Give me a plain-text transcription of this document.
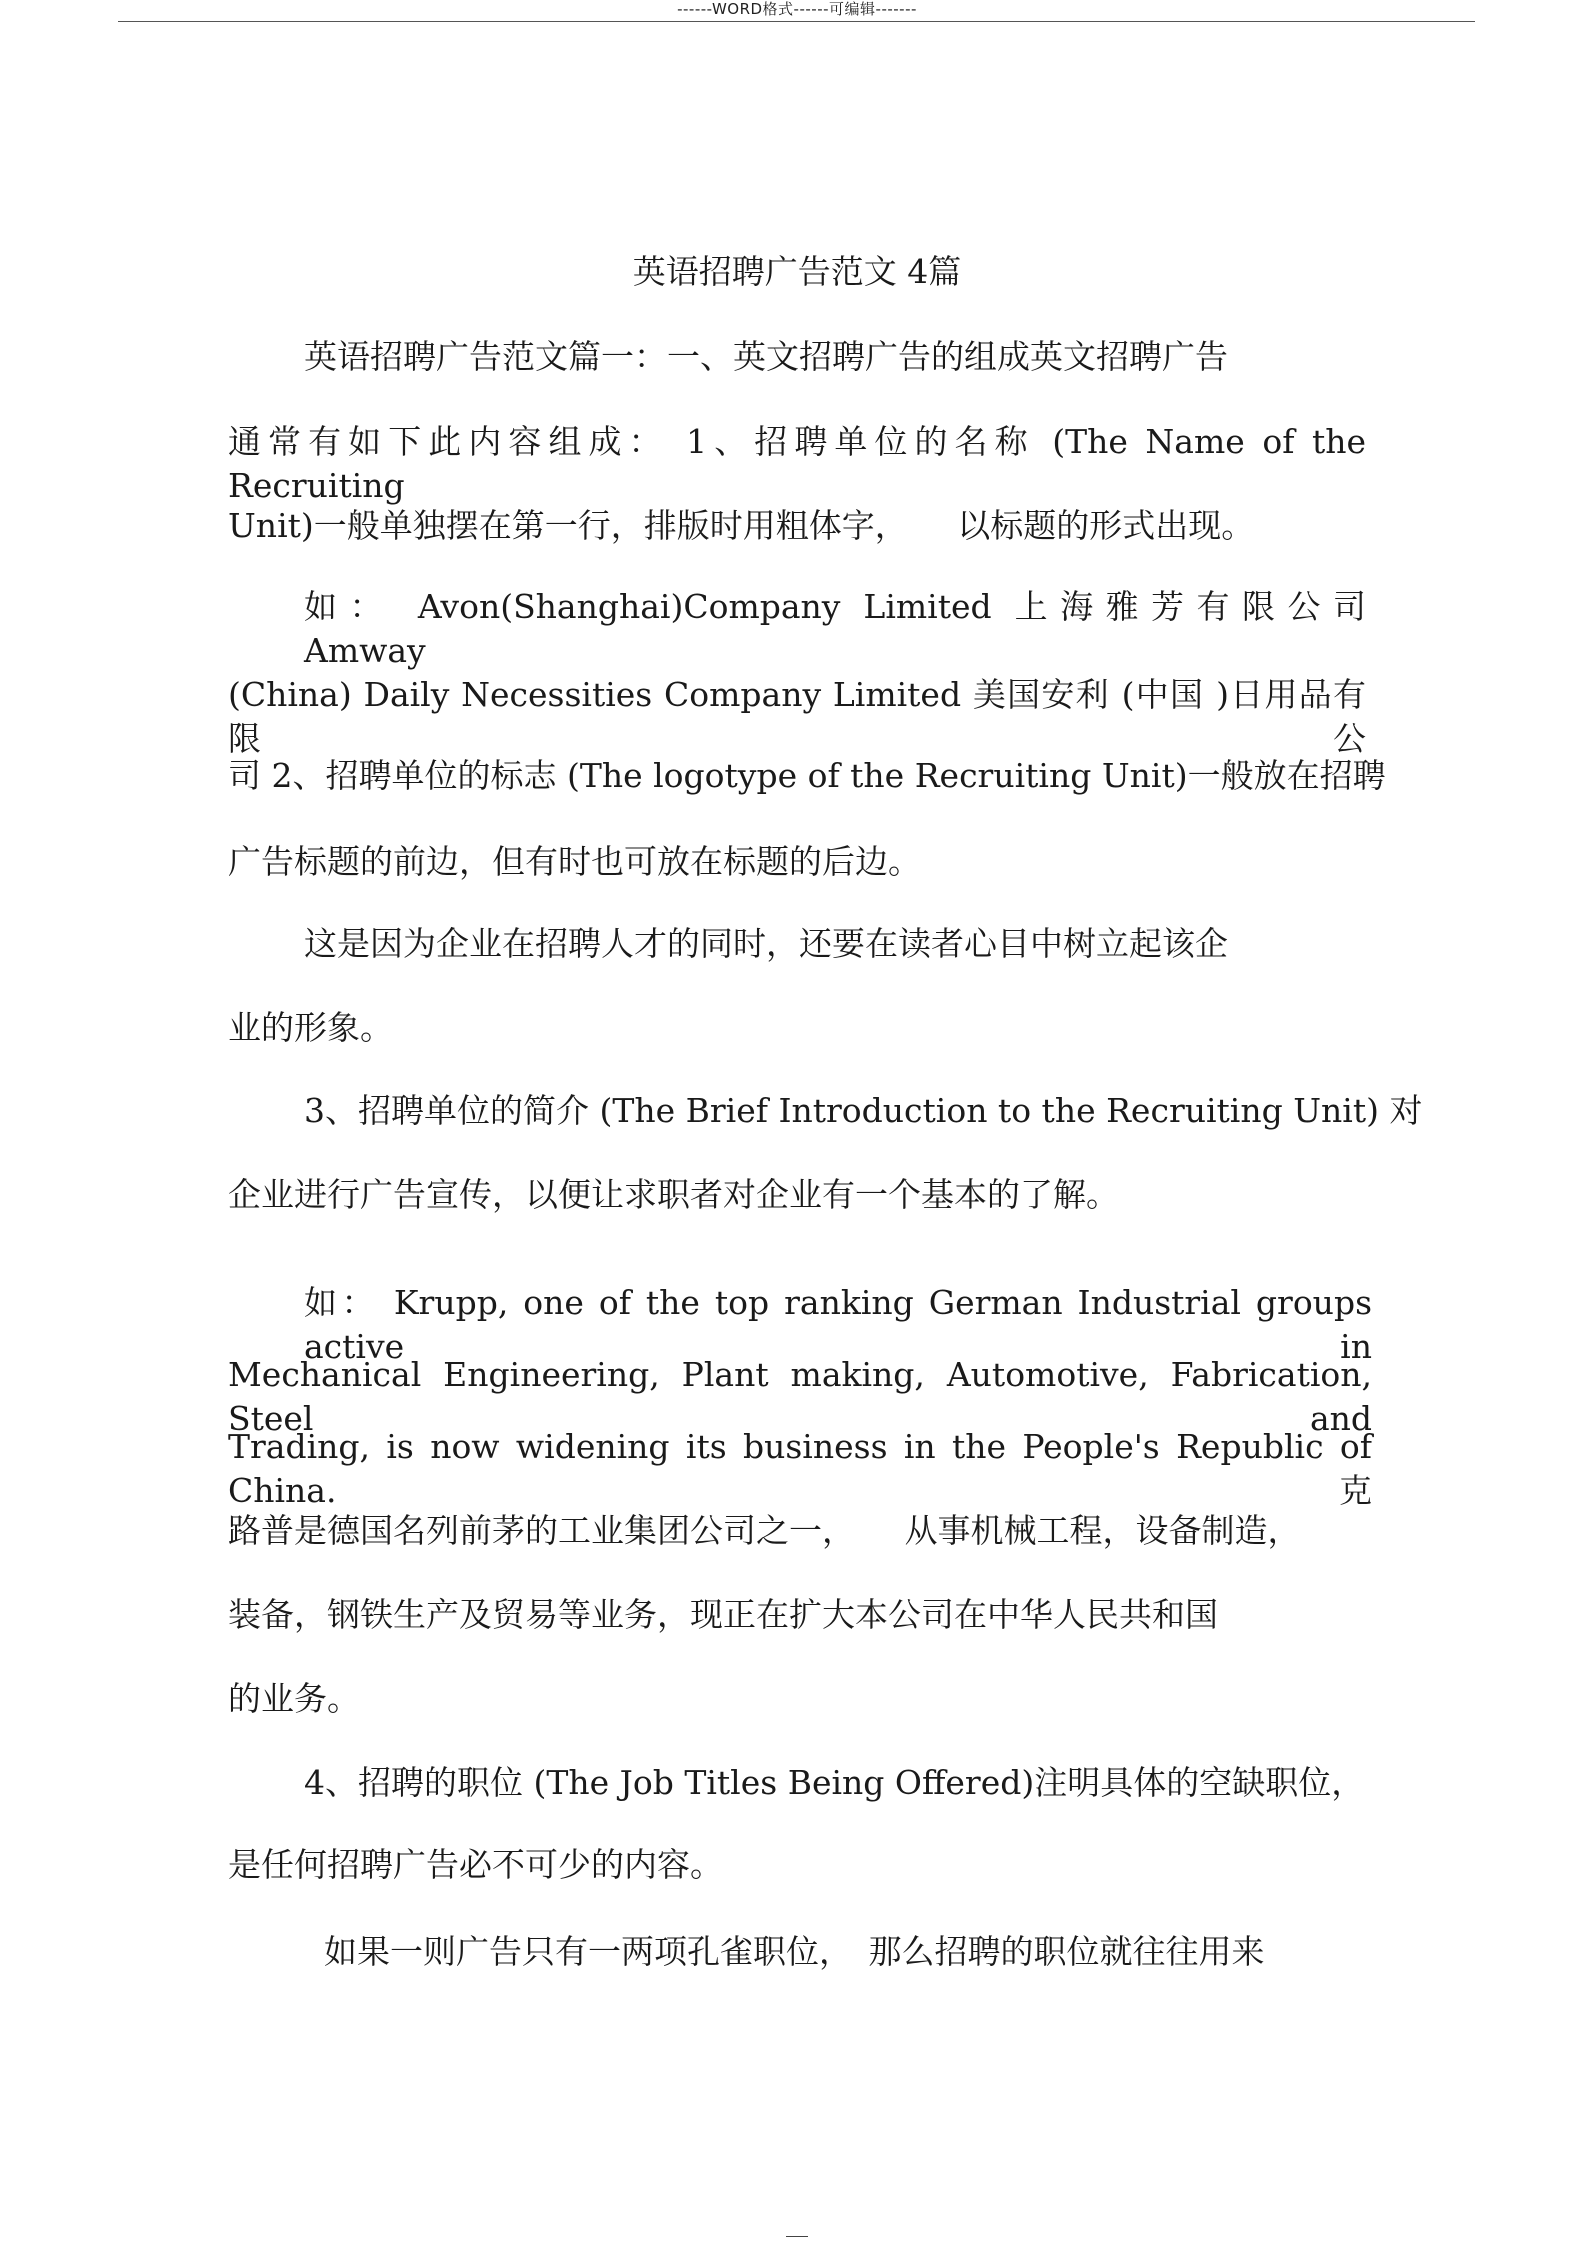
------WORD格式------可编辑-------
英语招聘广告范文 4篇
英语招聘广告范文篇一：一、英文招聘广告的组成英文招聘广告
通常有如下此内容组成： 1、招聘单位的名称 (The Name of the Recruiting
Unit)一般单独摆在第一行，排版时用粗体字，　　以标题的形式出现。
如： Avon(Shanghai)Company Limited 上海雅芳有限公司　　Amway
(China) Daily Necessities Company Limited 美国安利 (中国 )日用品有限公
司 2、招聘单位的标志 (The logotype of the Recruiting Unit)一般放在招聘
广告标题的前边，但有时也可放在标题的后边。
这是因为企业在招聘人才的同时，还要在读者心目中树立起该企
业的形象。
3、招聘单位的简介 (The Brief Introduction to the Recruiting Unit) 对
企业进行广告宣传，以便让求职者对企业有一个基本的了解。
如： Krupp, one of the top ranking German Industrial groups active in
Mechanical Engineering, Plant making, Automotive, Fabrication, Steel and
Trading, is now widening its business in the People's Republic of China. 克
路普是德国名列前茅的工业集团公司之一，　　从事机械工程，设备制造，
装备，钢铁生产及贸易等业务，现正在扩大本公司在中华人民共和国
的业务。
4、招聘的职位 (The Job Titles Being Offered)注明具体的空缺职位，
是任何招聘广告必不可少的内容。
如果一则广告只有一两项孔雀职位，　那么招聘的职位就往往用来
